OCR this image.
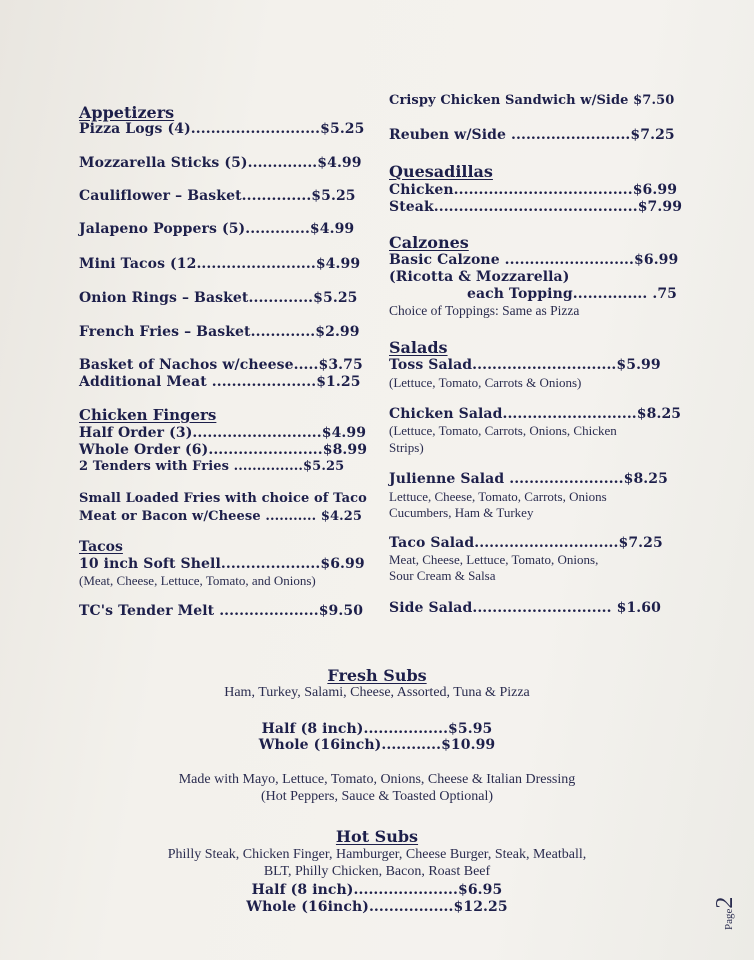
Appetizers
Pizza Logs (4)..........................$5.25
Mozzarella Sticks (5)..............$4.99
Cauliflower – Basket..............$5.25
Jalapeno Poppers (5).............$4.99
Mini Tacos (12........................$4.99
Onion Rings – Basket.............$5.25
French Fries – Basket.............$2.99
Basket of Nachos w/cheese.....$3.75
Additional Meat .....................$1.25
Chicken Fingers
Half Order (3)..........................$4.99
Whole Order (6).......................$8.99
2 Tenders with Fries ...............$5.25
Small Loaded Fries with choice of Taco
Meat or Bacon w/Cheese ........... $4.25
Tacos
10 inch Soft Shell....................$6.99
(Meat, Cheese, Lettuce, Tomato, and Onions)
TC's Tender Melt ....................$9.50
Crispy Chicken Sandwich w/Side $7.50
Reuben w/Side ........................$7.25
Quesadillas
Chicken....................................$6.99
Steak.........................................$7.99
Calzones
Basic Calzone ..........................$6.99
(Ricotta & Mozzarella)
each Topping............... .75
Choice of Toppings: Same as Pizza
Salads
Toss Salad.............................$5.99
(Lettuce, Tomato, Carrots & Onions)
Chicken Salad...........................$8.25
(Lettuce, Tomato, Carrots, Onions, Chicken
Strips)
Julienne Salad .......................$8.25
Lettuce, Cheese, Tomato, Carrots, Onions
Cucumbers, Ham & Turkey
Taco Salad.............................$7.25
Meat, Cheese, Lettuce, Tomato, Onions,
Sour Cream & Salsa
Side Salad............................ $1.60
Fresh Subs
Ham, Turkey, Salami, Cheese, Assorted, Tuna & Pizza
Half (8 inch).................$5.95
Whole (16inch)............$10.99
Made with Mayo, Lettuce, Tomato, Onions, Cheese & Italian Dressing
(Hot Peppers, Sauce & Toasted Optional)
Hot Subs
Philly Steak, Chicken Finger, Hamburger, Cheese Burger, Steak, Meatball,
BLT, Philly Chicken, Bacon, Roast Beef
Half (8 inch).....................$6.95
Whole (16inch).................$12.25
Page2
